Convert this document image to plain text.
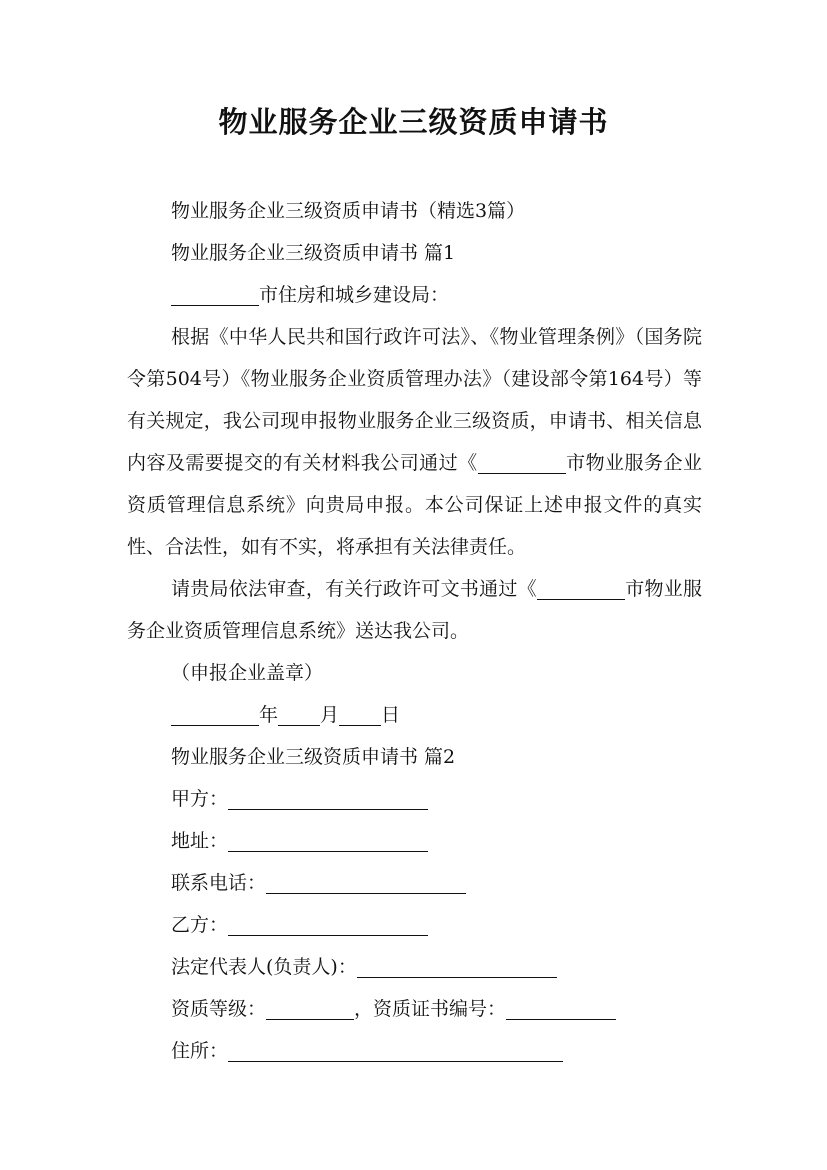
物业服务企业三级资质申请书

物业服务企业三级资质申请书（精选3篇）

物业服务企业三级资质申请书 篇1

市住房和城乡建设局：

根据《中华人民共和国行政许可法》、《物业管理条例》（国务院令第504号）《物业服务企业资质管理办法》（建设部令第164号）等有关规定，我公司现申报物业服务企业三级资质，申请书、相关信息内容及需要提交的有关材料我公司通过《	市物业服务企业资质管理信息系统》向贵局申报。本公司保证上述申报文件的真实性、合法性，如有不实，将承担有关法律责任。

请贵局依法审查，有关行政许可文书通过《	市物业服务企业资质管理信息系统》送达我公司。

（申报企业盖章）

年 月 日

物业服务企业三级资质申请书 篇2

甲方：

地址：

联系电话：

乙方：

法定代表人(负责人)：

资质等级：	，资质证书编号：

住所：
